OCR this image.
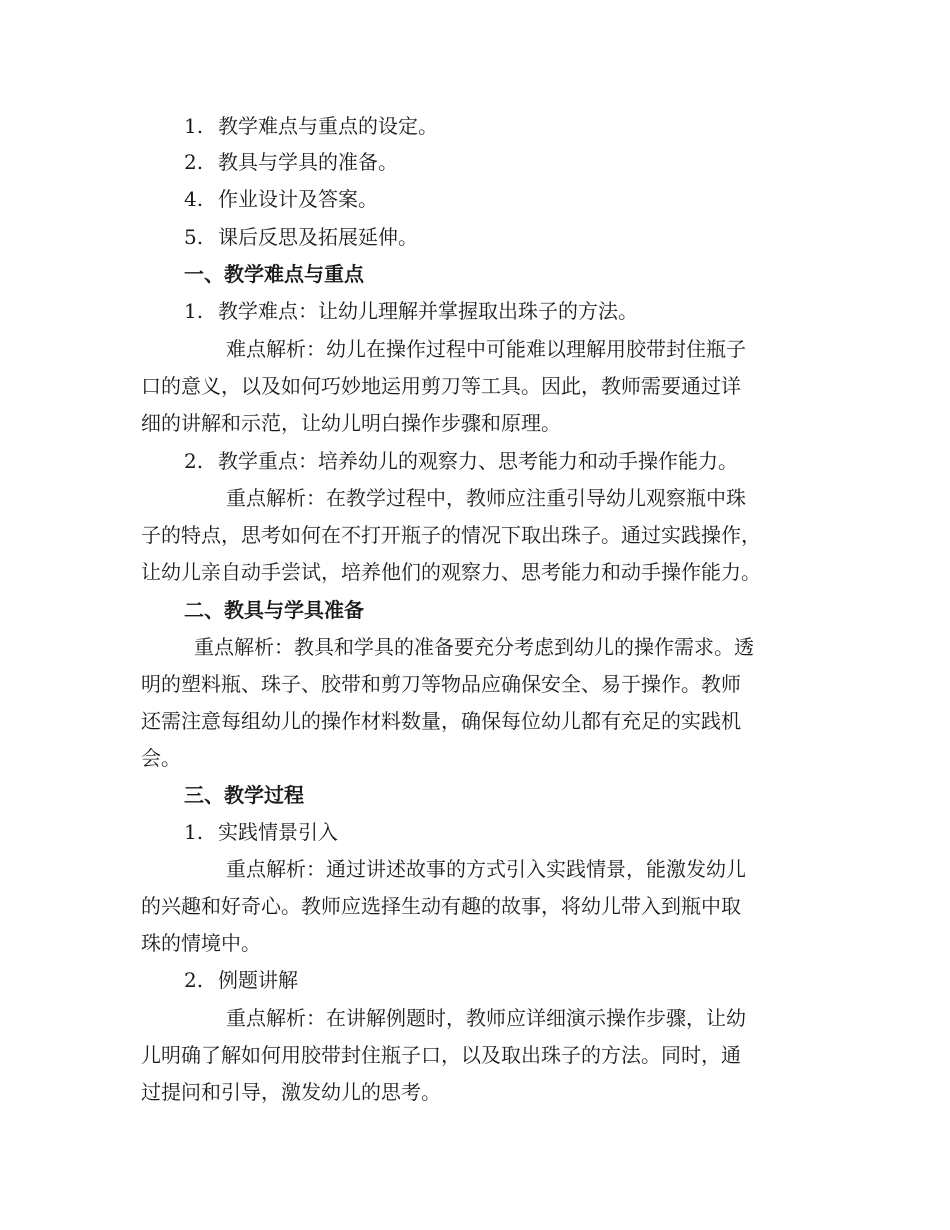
1. 教学难点与重点的设定。
2. 教具与学具的准备。
4. 作业设计及答案。
5. 课后反思及拓展延伸。
一、教学难点与重点
1. 教学难点：让幼儿理解并掌握取出珠子的方法。
难点解析：幼儿在操作过程中可能难以理解用胶带封住瓶子
口的意义，以及如何巧妙地运用剪刀等工具。因此，教师需要通过详
细的讲解和示范，让幼儿明白操作步骤和原理。
2. 教学重点：培养幼儿的观察力、思考能力和动手操作能力。
重点解析：在教学过程中，教师应注重引导幼儿观察瓶中珠
子的特点，思考如何在不打开瓶子的情况下取出珠子。通过实践操作，
让幼儿亲自动手尝试，培养他们的观察力、思考能力和动手操作能力。
二、教具与学具准备
重点解析：教具和学具的准备要充分考虑到幼儿的操作需求。透
明的塑料瓶、珠子、胶带和剪刀等物品应确保安全、易于操作。教师
还需注意每组幼儿的操作材料数量，确保每位幼儿都有充足的实践机
会。
三、教学过程
1. 实践情景引入
重点解析：通过讲述故事的方式引入实践情景，能激发幼儿
的兴趣和好奇心。教师应选择生动有趣的故事，将幼儿带入到瓶中取
珠的情境中。
2. 例题讲解
重点解析：在讲解例题时，教师应详细演示操作步骤，让幼
儿明确了解如何用胶带封住瓶子口，以及取出珠子的方法。同时，通
过提问和引导，激发幼儿的思考。
